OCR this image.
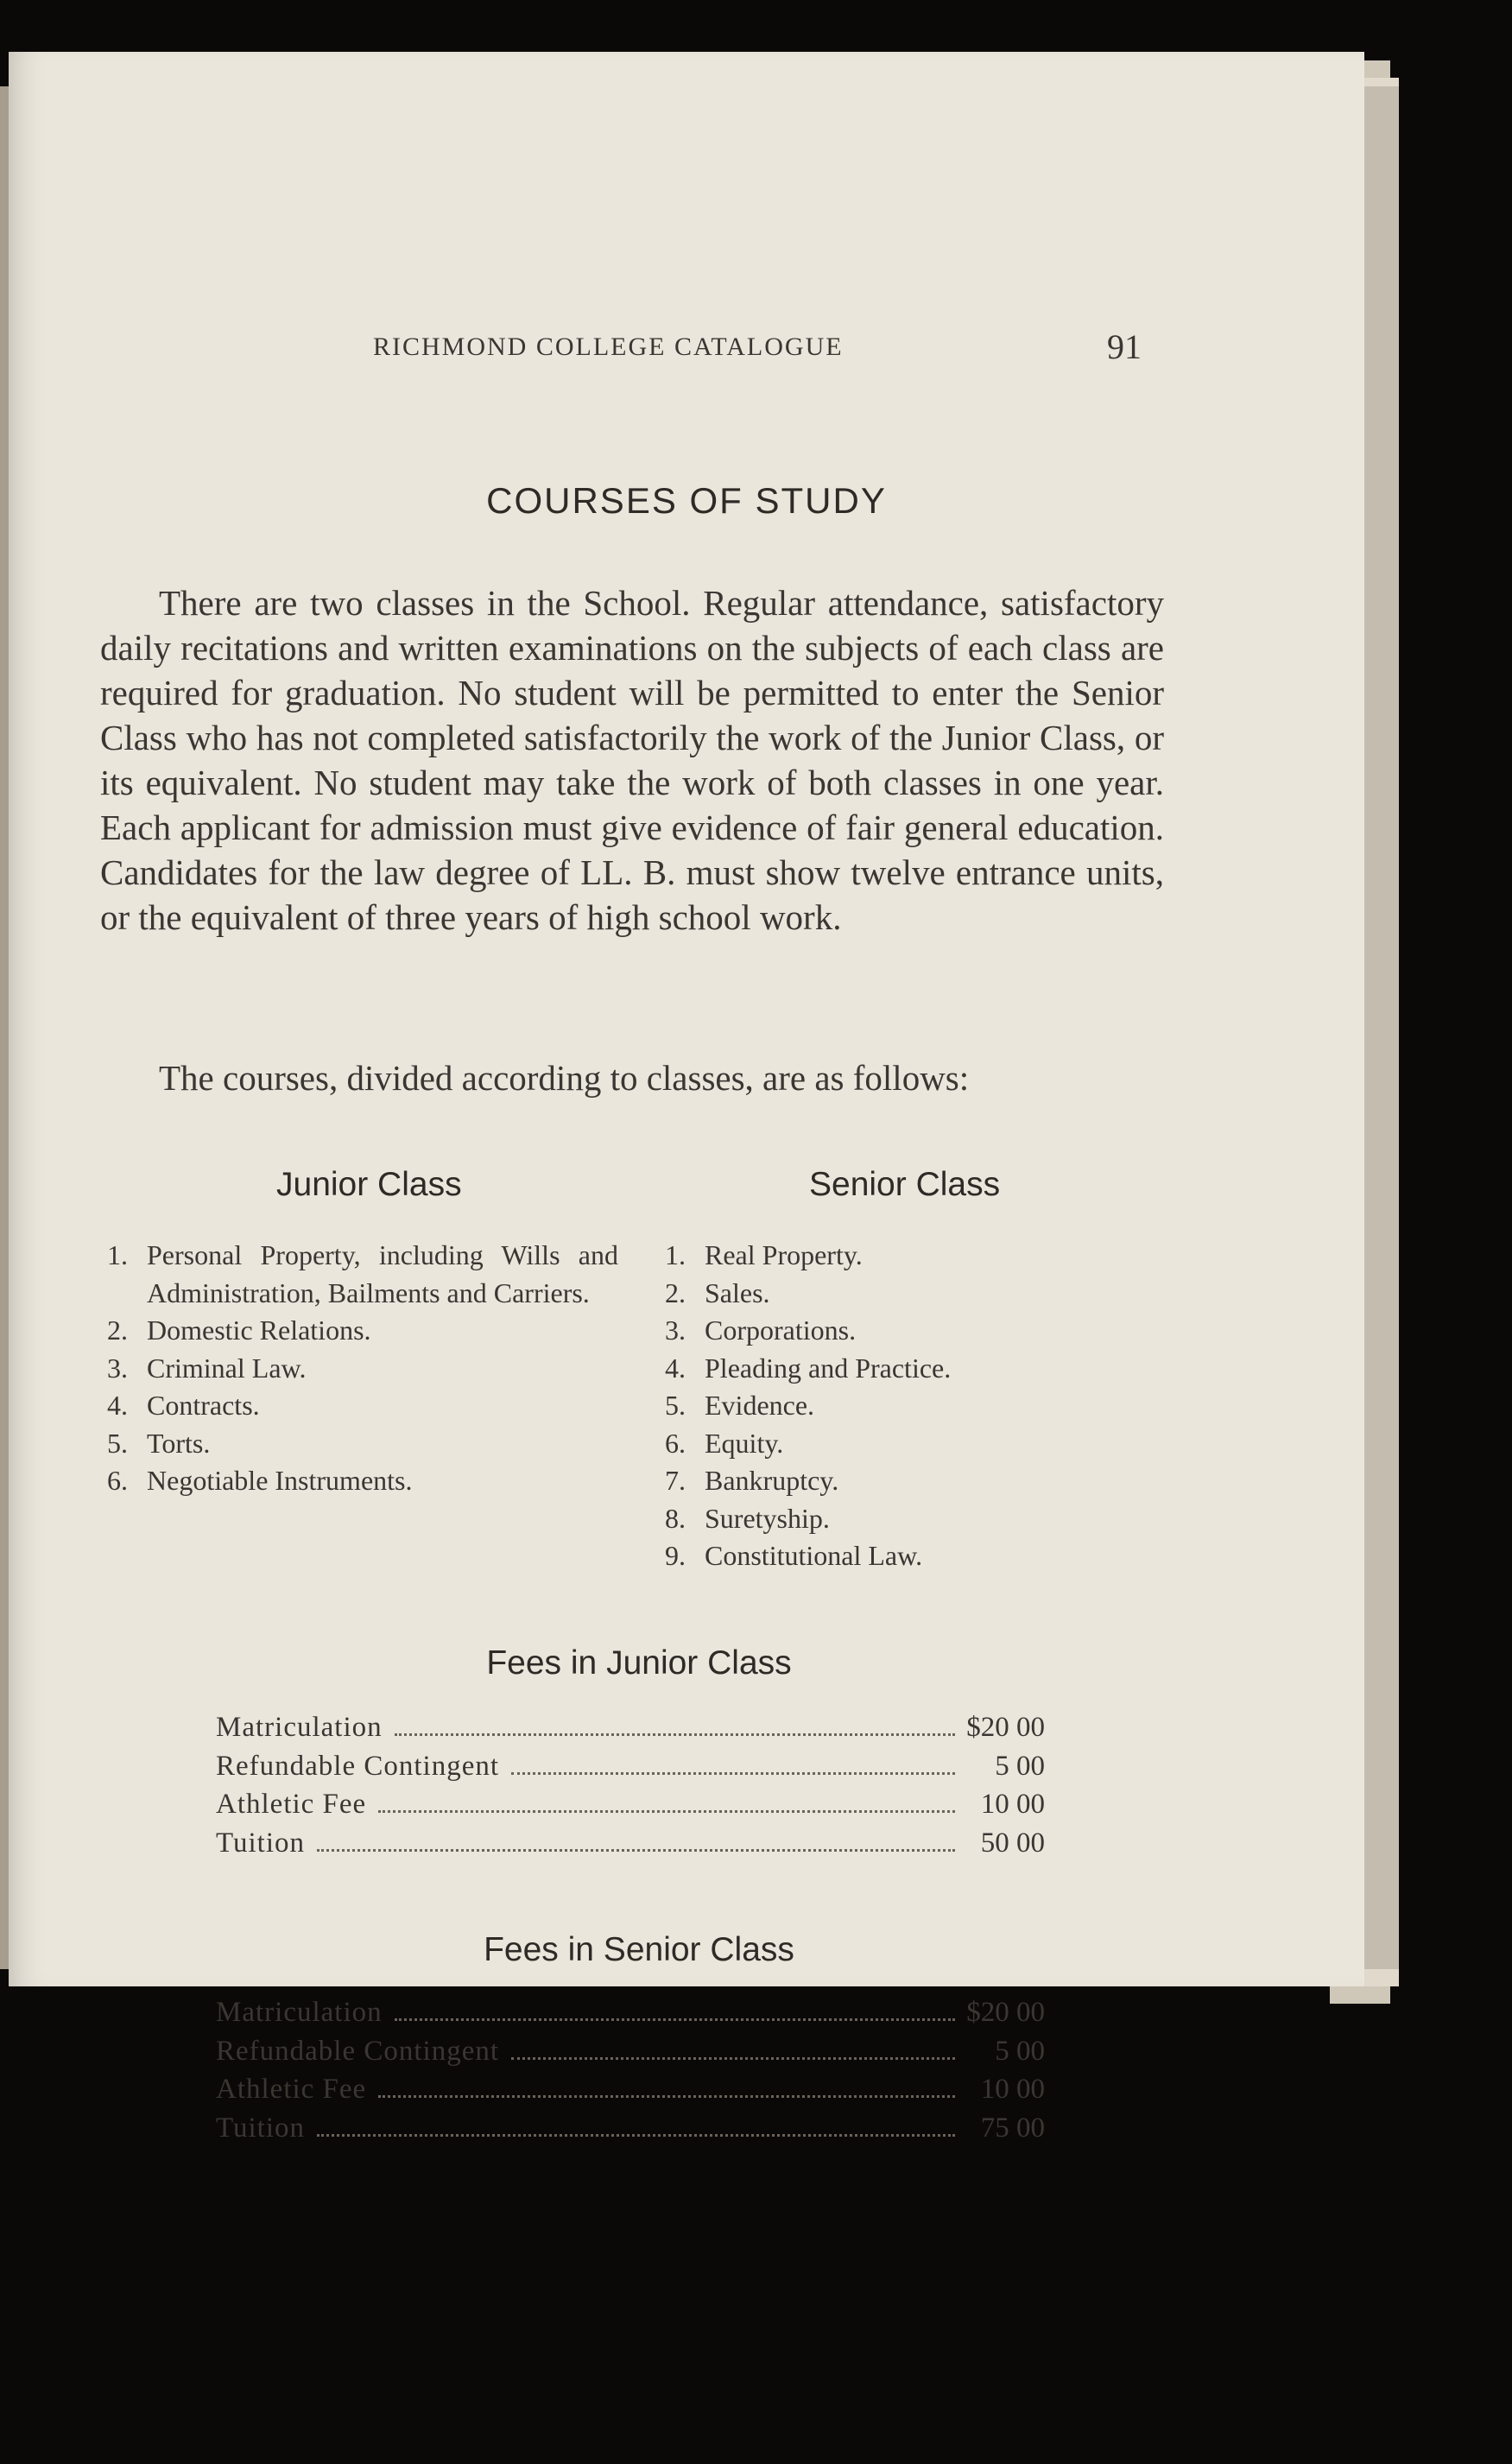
RICHMOND COLLEGE CATALOGUE	91
COURSES OF STUDY

There are two classes in the School. Regular attendance, satisfactory daily recitations and written examinations on the subjects of each class are required for graduation. No student will be permitted to enter the Senior Class who has not completed satisfactorily the work of the Junior Class, or its equivalent. No student may take the work of both classes in one year. Each applicant for admission must give evidence of fair general education. Candidates for the law degree of LL. B. must show twelve entrance units, or the equivalent of three years of high school work.

The courses, divided according to classes, are as follows:

Junior Class	Senior Class
1. Personal Property, including Wills and Administration, Bailments and Carriers.
2. Domestic Relations.
3. Criminal Law.
4. Contracts.
5. Torts.
6. Negotiable Instruments.
1. Real Property.
2. Sales.
3. Corporations.
4. Pleading and Practice.
5. Evidence.
6. Equity.
7. Bankruptcy.
8. Suretyship.
9. Constitutional Law.
Fees in Junior Class
Matriculation	$20 00
Refundable Contingent	5 00
Athletic Fee	10 00
Tuition	50 00
Fees in Senior Class
Matriculation	$20 00
Refundable Contingent	5 00
Athletic Fee	10 00
Tuition	75 00
